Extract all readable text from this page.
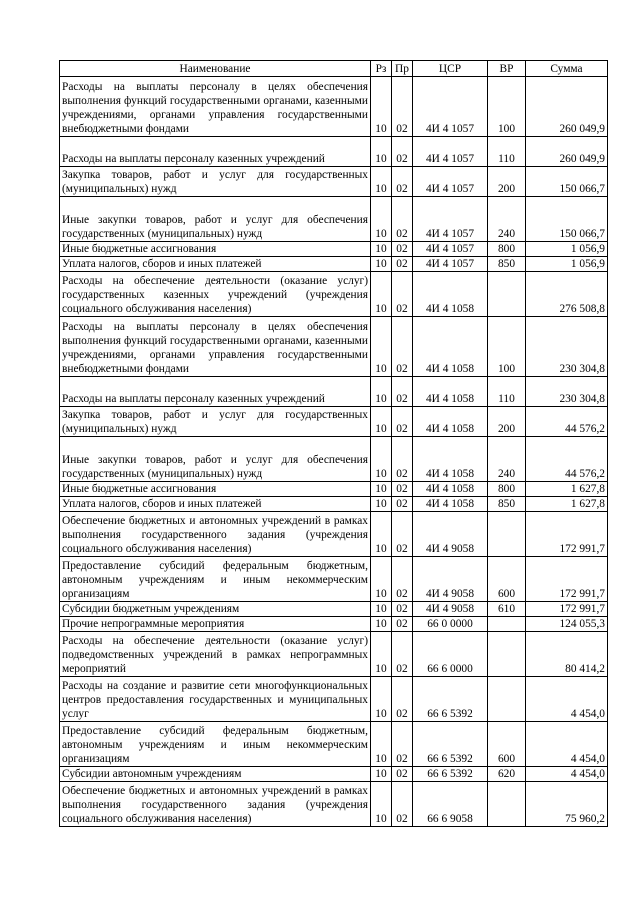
Наименование	Рз	Пр	ЦСР	ВР	Сумма
Расходы на выплаты персоналу в целях обеспечения выполнения функций государственными органами, казенными учреждениями, органами управления государственными внебюджетными фондами	10	02	4И 4 1057	100	260 049,9
Расходы на выплаты персоналу казенных учреждений	10	02	4И 4 1057	110	260 049,9
Закупка товаров, работ и услуг для государственных (муниципальных) нужд	10	02	4И 4 1057	200	150 066,7
Иные закупки товаров, работ и услуг для обеспечения государственных (муниципальных) нужд	10	02	4И 4 1057	240	150 066,7
Иные бюджетные ассигнования	10	02	4И 4 1057	800	1 056,9
Уплата налогов, сборов и иных платежей	10	02	4И 4 1057	850	1 056,9
Расходы на обеспечение деятельности (оказание услуг) государственных казенных учреждений (учреждения социального обслуживания населения)	10	02	4И 4 1058		276 508,8
Расходы на выплаты персоналу в целях обеспечения выполнения функций государственными органами, казенными учреждениями, органами управления государственными внебюджетными фондами	10	02	4И 4 1058	100	230 304,8
Расходы на выплаты персоналу казенных учреждений	10	02	4И 4 1058	110	230 304,8
Закупка товаров, работ и услуг для государственных (муниципальных) нужд	10	02	4И 4 1058	200	44 576,2
Иные закупки товаров, работ и услуг для обеспечения государственных (муниципальных) нужд	10	02	4И 4 1058	240	44 576,2
Иные бюджетные ассигнования	10	02	4И 4 1058	800	1 627,8
Уплата налогов, сборов и иных платежей	10	02	4И 4 1058	850	1 627,8
Обеспечение бюджетных и автономных учреждений в рамках выполнения государственного задания (учреждения социального обслуживания населения)	10	02	4И 4 9058		172 991,7
Предоставление субсидий федеральным бюджетным, автономным учреждениям и иным некоммерческим организациям	10	02	4И 4 9058	600	172 991,7
Субсидии бюджетным учреждениям	10	02	4И 4 9058	610	172 991,7
Прочие непрограммные мероприятия	10	02	66 0 0000		124 055,3
Расходы на обеспечение деятельности (оказание услуг) подведомственных учреждений в рамках непрограммных мероприятий	10	02	66 6 0000		80 414,2
Расходы на создание и развитие сети многофункциональных центров предоставления государственных и муниципальных услуг	10	02	66 6 5392		4 454,0
Предоставление субсидий федеральным бюджетным, автономным учреждениям и иным некоммерческим организациям	10	02	66 6 5392	600	4 454,0
Субсидии автономным учреждениям	10	02	66 6 5392	620	4 454,0
Обеспечение бюджетных и автономных учреждений в рамках выполнения государственного задания (учреждения социального обслуживания населения)	10	02	66 6 9058		75 960,2
